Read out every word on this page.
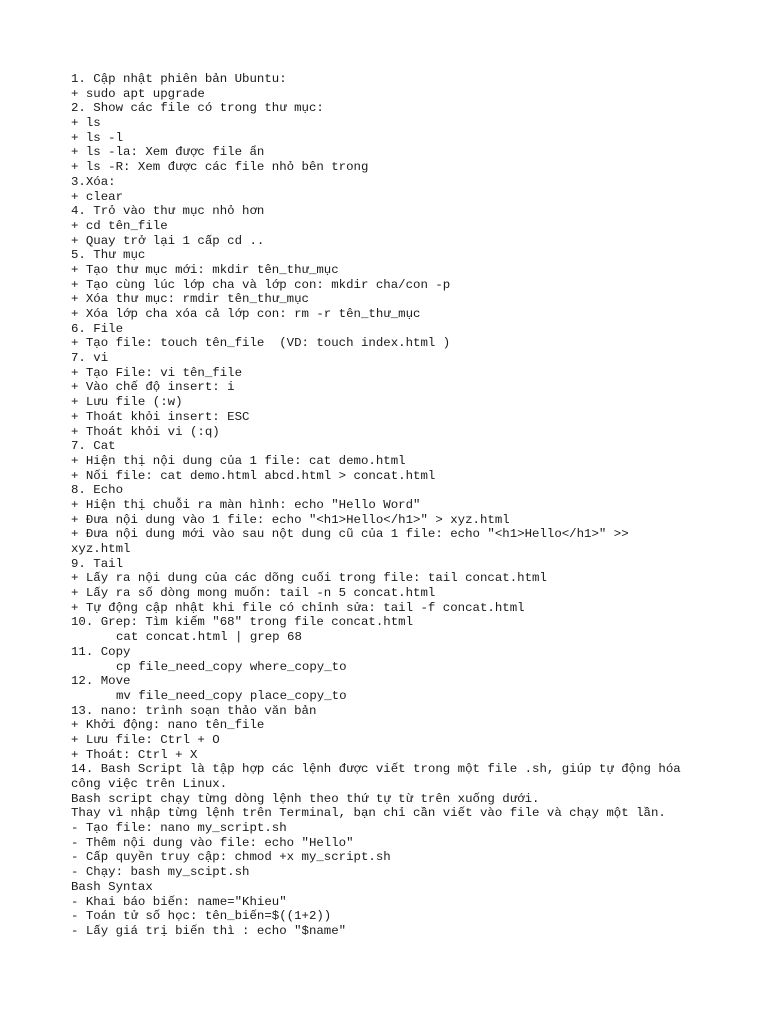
1. Cập nhật phiên bản Ubuntu:
+ sudo apt upgrade
2. Show các file có trong thư mục:
+ ls
+ ls -l
+ ls -la: Xem được file ẩn
+ ls -R: Xem được các file nhỏ bên trong
3.Xóa:
+ clear
4. Trỏ vào thư mục nhỏ hơn
+ cd tên_file
+ Quay trở lại 1 cấp cd ..
5. Thư mục
+ Tạo thư mục mới: mkdir tên_thư_mục
+ Tạo cùng lúc lớp cha và lớp con: mkdir cha/con -p
+ Xóa thư mục: rmdir tên_thư_mục
+ Xóa lớp cha xóa cả lớp con: rm -r tên_thư_mục
6. File
+ Tạo file: touch tên_file  (VD: touch index.html )
7. vi
+ Tạo File: vi tên_file
+ Vào chế độ insert: i
+ Lưu file (:w)
+ Thoát khỏi insert: ESC
+ Thoát khỏi vi (:q)
7. Cat
+ Hiện thị nội dung của 1 file: cat demo.html
+ Nối file: cat demo.html abcd.html > concat.html
8. Echo
+ Hiện thị chuỗi ra màn hình: echo "Hello Word"
+ Đưa nội dung vào 1 file: echo "<h1>Hello</h1>" > xyz.html
+ Đưa nội dung mới vào sau nột dung cũ của 1 file: echo "<h1>Hello</h1>" >>
xyz.html
9. Tail
+ Lấy ra nội dung của các dõng cuối trong file: tail concat.html
+ Lấy ra số dòng mong muốn: tail -n 5 concat.html
+ Tự động cập nhật khi file có chỉnh sửa: tail -f concat.html
10. Grep: Tìm kiếm "68" trong file concat.html
cat concat.html | grep 68
11. Copy
cp file_need_copy where_copy_to
12. Move
mv file_need_copy place_copy_to
13. nano: trình soạn thảo văn bản
+ Khởi động: nano tên_file
+ Lưu file: Ctrl + O
+ Thoát: Ctrl + X
14. Bash Script là tập hợp các lệnh được viết trong một file .sh, giúp tự động hóa
công việc trên Linux.
Bash script chạy từng dòng lệnh theo thứ tự từ trên xuống dưới.
Thay vì nhập từng lệnh trên Terminal, bạn chỉ cần viết vào file và chạy một lần.
- Tạo file: nano my_script.sh
- Thêm nội dung vào file: echo "Hello"
- Cấp quyền truy cập: chmod +x my_script.sh
- Chạy: bash my_scipt.sh
Bash Syntax
- Khai báo biến: name="Khieu"
- Toán tử số học: tên_biến=$((1+2))
- Lấy giá trị biến thì : echo "$name"
